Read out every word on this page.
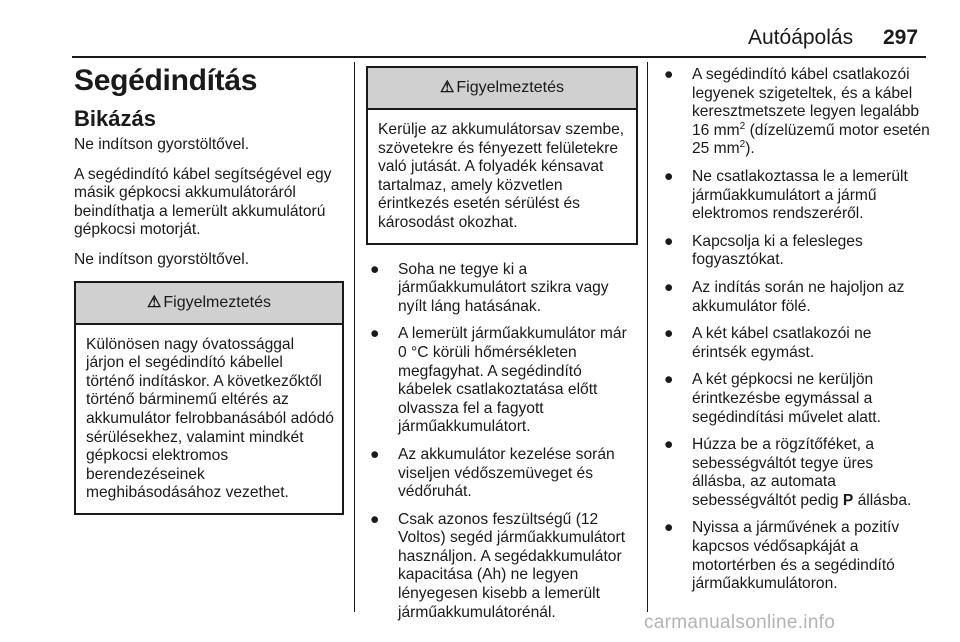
Autóápolás 297
Segédindítás
Bikázás

Ne indítson gyorstöltővel.

A segédindító kábel segítségével egy másik gépkocsi akkumulátoráról beindíthatja a lemerült akkumulátorú gépkocsi motorját.

Ne indítson gyorstöltővel.

⚠ Figyelmeztetés
Különösen nagy óvatossággal járjon el segédindító kábellel történő indításkor. A következőktől történő bárminemű eltérés az akkumulátor felrobbanásából adódó sérülésekhez, valamint mindkét gépkocsi elektromos berendezéseinek meghibásodásához vezethet.
⚠ Figyelmeztetés
Kerülje az akkumulátorsav szembe, szövetekre és fényezett felületekre való jutását. A folyadék kénsavat tartalmaz, amely közvetlen érintkezés esetén sérülést és károsodást okozhat.
● Soha ne tegye ki a járműakkumulátort szikra vagy nyílt láng hatásának.
● A lemerült járműakkumulátor már 0 °C körüli hőmérsékleten megfagyhat. A segédindító kábelek csatlakoztatása előtt olvassza fel a fagyott járműakkumulátort.
● Az akkumulátor kezelése során viseljen védőszemüveget és védőruhát.
● Csak azonos feszültségű (12 Voltos) segéd járműakkumulátort használjon. A segédakkumulátor kapacitása (Ah) ne legyen lényegesen kisebb a lemerült járműakkumulátorénál.
● A segédindító kábel csatlakozói legyenek szigeteltek, és a kábel keresztmetszete legyen legalább 16 $mm^2$ (dízelüzemű motor esetén 25 $mm^2$).
● Ne csatlakoztassa le a lemerült járműakkumulátort a jármű elektromos rendszeréről.
● Kapcsolja ki a felesleges fogyasztókat.
● Az indítás során ne hajoljon az akkumulátor fölé.
● A két kábel csatlakozói ne érintsék egymást.
● A két gépkocsi ne kerüljön érintkezésbe egymással a segédindítási művelet alatt.
● Húzza be a rögzítőféket, a sebességváltót tegye üres állásba, az automata sebességváltót pedig P állásba.
● Nyissa a járművének a pozitív kapcsos védősapkáját a motortérben és a segédindító járműakkumulátoron.
carmanualsonline.info
